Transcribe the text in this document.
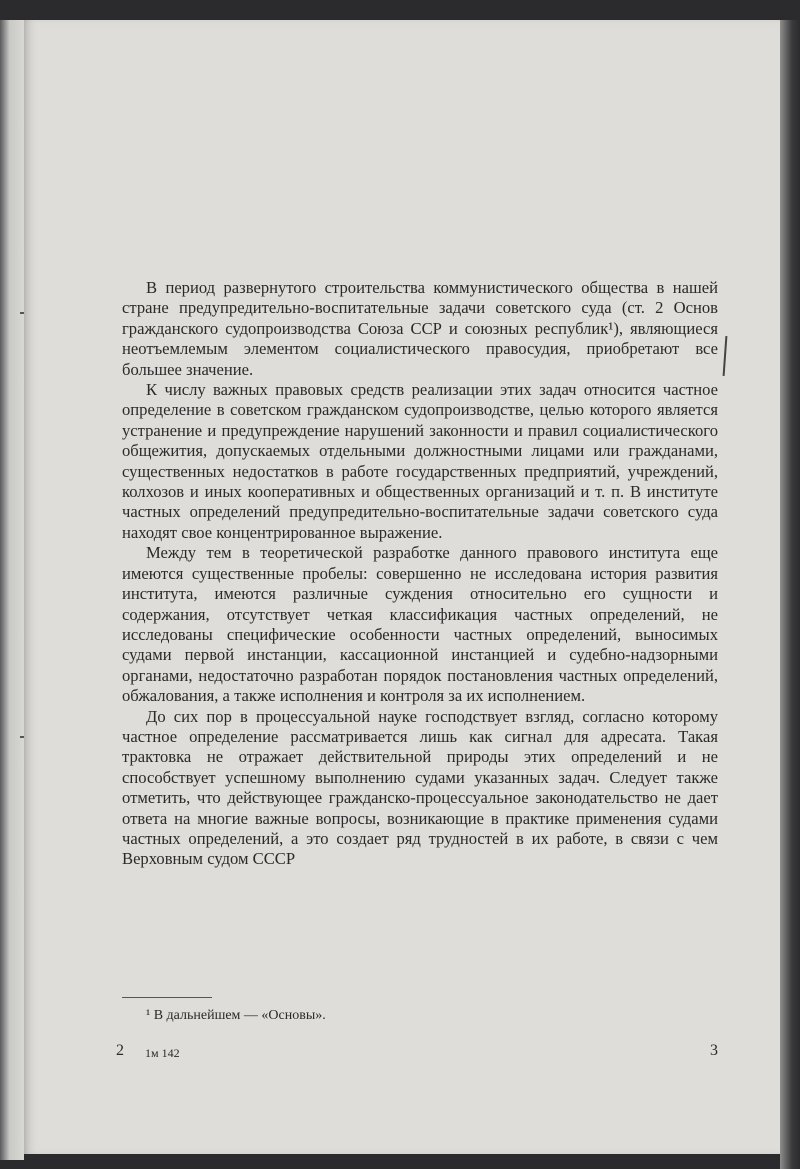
В период развернутого строительства коммунистического общества в нашей стране предупредительно-воспитательные задачи советского суда (ст. 2 Основ гражданского судопроизводства Союза ССР и союзных республик¹), являющиеся неотъемлемым элементом социалистического правосудия, приобретают все большее значение.

К числу важных правовых средств реализации этих задач относится частное определение в советском гражданском судопроизводстве, целью которого является устранение и предупреждение нарушений законности и правил социалистического общежития, допускаемых отдельными должностными лицами или гражданами, существенных недостатков в работе государственных предприятий, учреждений, колхозов и иных кооперативных и общественных организаций и т. п. В институте частных определений предупредительно-воспитательные задачи советского суда находят свое концентрированное выражение.

Между тем в теоретической разработке данного правового института еще имеются существенные пробелы: совершенно не исследована история развития института, имеются различные суждения относительно его сущности и содержания, отсутствует четкая классификация частных определений, не исследованы специфические особенности частных определений, выносимых судами первой инстанции, кассационной инстанцией и судебно-надзорными органами, недостаточно разработан порядок постановления частных определений, обжалования, а также исполнения и контроля за их исполнением.

До сих пор в процессуальной науке господствует взгляд, согласно которому частное определение рассматривается лишь как сигнал для адресата. Такая трактовка не отражает действительной природы этих определений и не способствует успешному выполнению судами указанных задач. Следует также отметить, что действующее гражданско-процессуальное законодательство не дает ответа на многие важные вопросы, возникающие в практике применения судами частных определений, а это создает ряд трудностей в их работе, в связи с чем Верховным судом СССР

¹ В дальнейшем — «Основы».
2 1м 142	3
